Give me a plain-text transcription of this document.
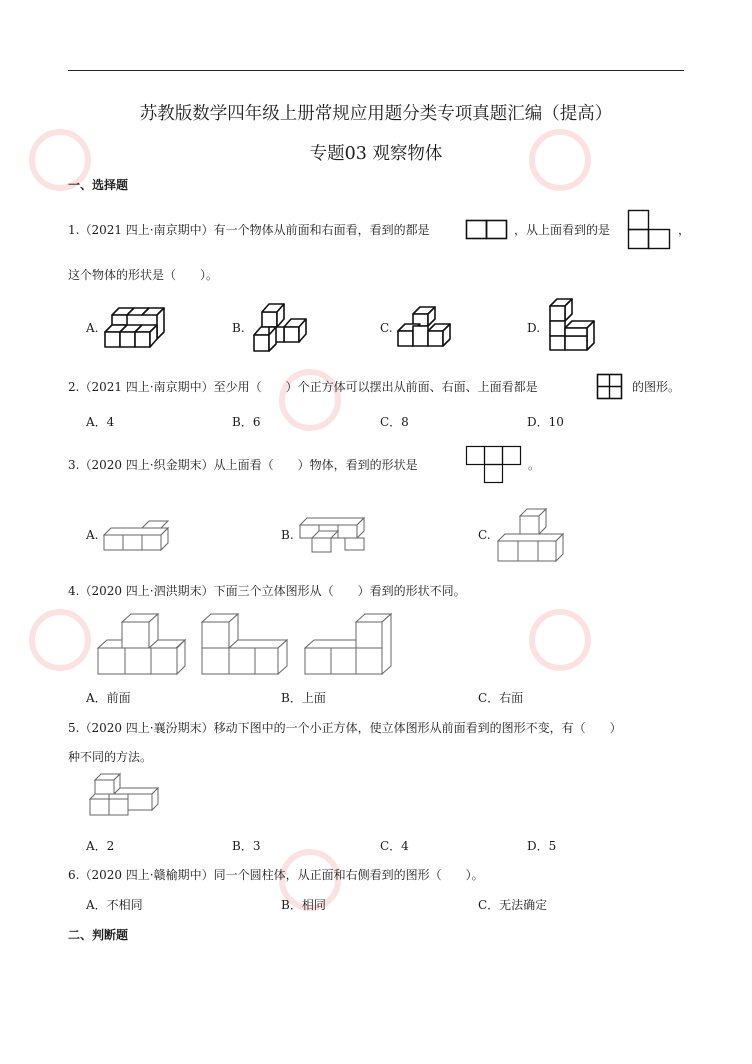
苏教版数学四年级上册常规应用题分类专项真题汇编（提高）
专题03 观察物体
一、选择题
1.（2021 四上·南京期中）有一个物体从前面和右面看，看到的都是	，从上面看到的是	，
这个物体的形状是（　　）。
A.	B.	C.	D.
2.（2021 四上·南京期中）至少用（　　）个正方体可以摆出从前面、右面、上面看都是	的图形。
A．4	B．6	C．8	D．10
3.（2020 四上·织金期末）从上面看（　　）物体，看到的形状是	。
A.	B.	C.
4.（2020 四上·泗洪期末）下面三个立体图形从（　　）看到的形状不同。
A．前面	B．上面	C．右面
5.（2020 四上·襄汾期末）移动下图中的一个小正方体，使立体图形从前面看到的图形不变，有（　　）
种不同的方法。
A．2	B．3	C．4	D．5
6.（2020 四上·赣榆期中）同一个圆柱体，从正面和右侧看到的图形（　　）。
A．不相同	B．相同	C．无法确定
二、判断题
